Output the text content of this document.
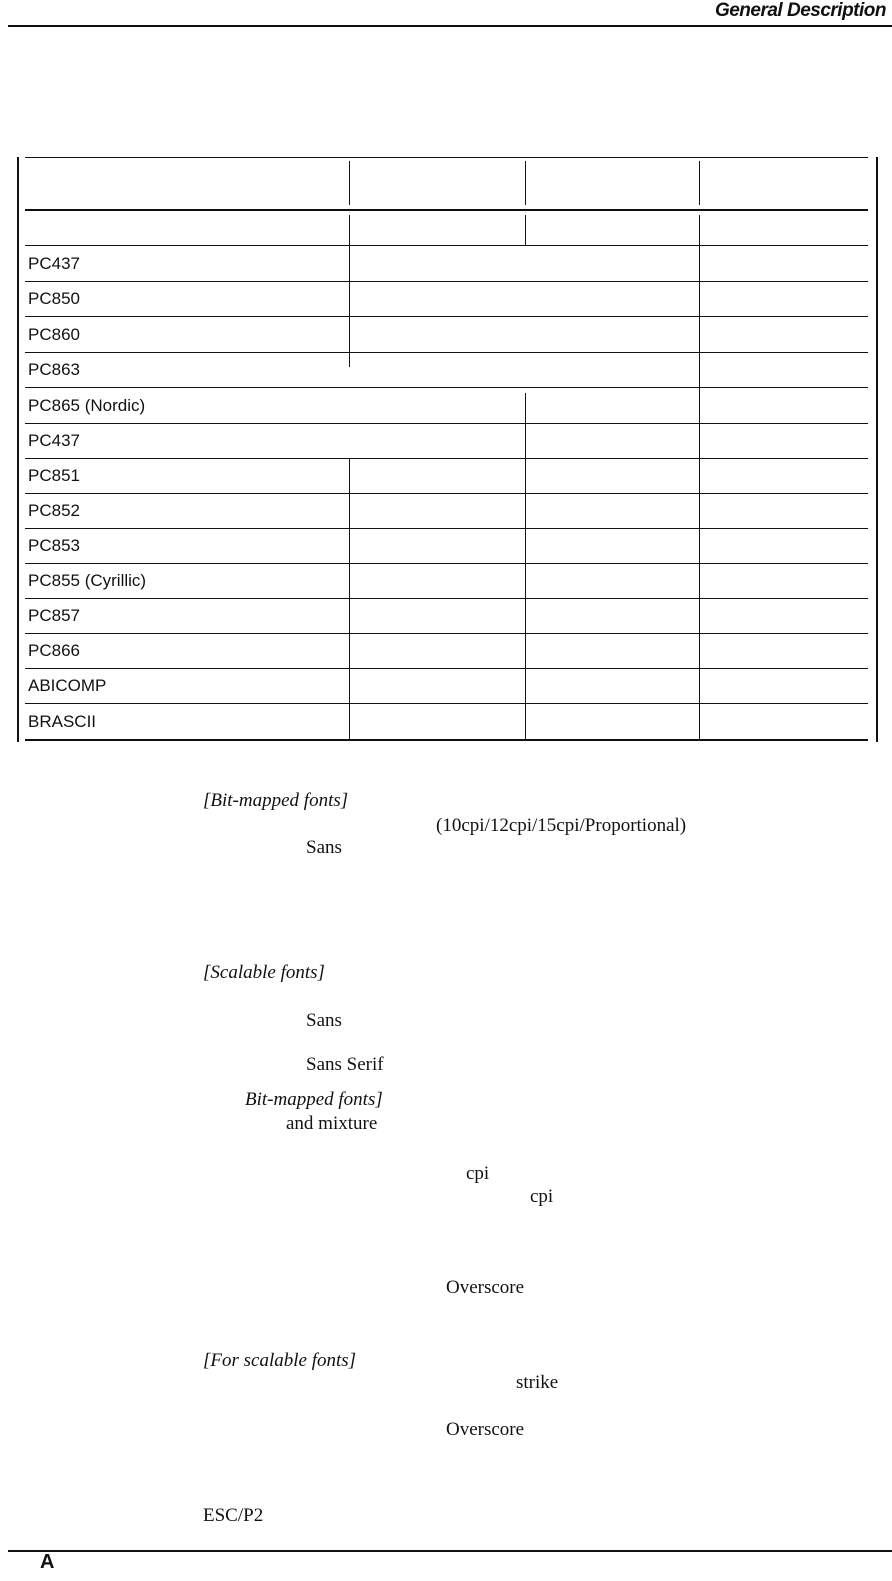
General Description
PC437
PC850
PC860
PC863
PC865 (Nordic)
PC437
PC851
PC852
PC853
PC855 (Cyrillic)
PC857
PC866
ABICOMP
BRASCII
[Bit-mapped fonts]
(10cpi/12cpi/15cpi/Proportional)
Sans
[Scalable fonts]
Sans
Sans Serif
Bit-mapped fonts]
and mixture
cpi
cpi
Overscore
[For scalable fonts]
strike
Overscore
ESC/P2
A
